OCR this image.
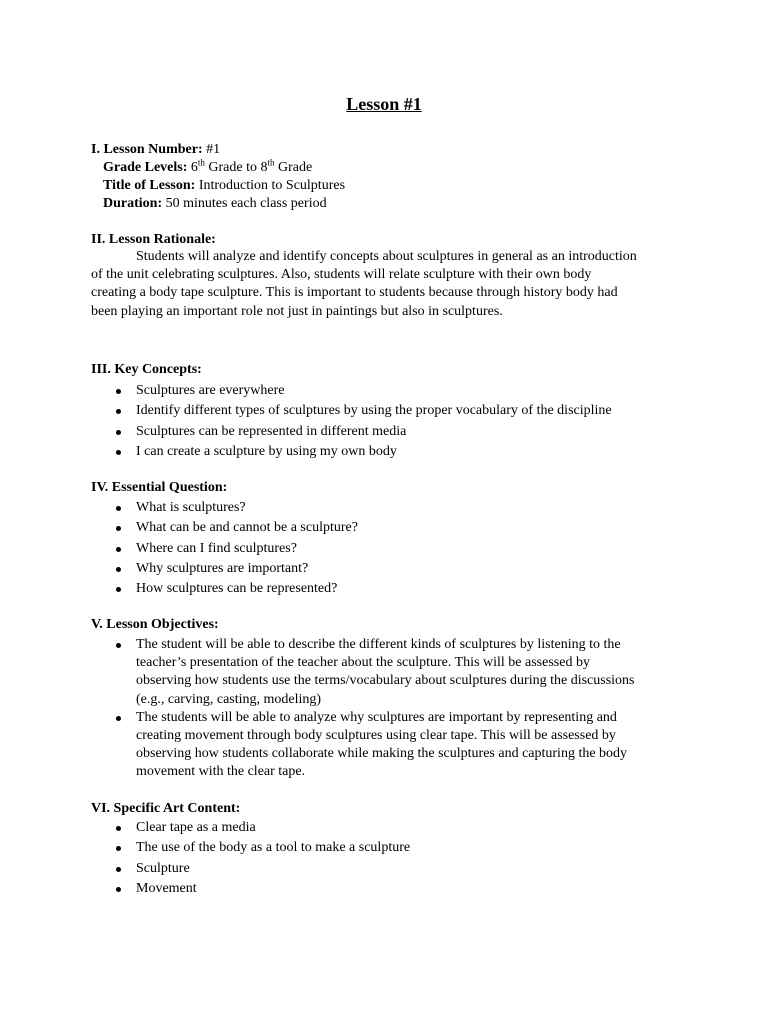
Lesson #1
I. Lesson Number: #1
Grade Levels: 6th Grade to 8th Grade
Title of Lesson: Introduction to Sculptures
Duration: 50 minutes each class period
II. Lesson Rationale:
Students will analyze and identify concepts about sculptures in general as an introduction
of the unit celebrating sculptures. Also, students will relate sculpture with their own body
creating a body tape sculpture. This is important to students because through history body had
been playing an important role not just in paintings but also in sculptures.
III. Key Concepts:
Sculptures are everywhere
Identify different types of sculptures by using the proper vocabulary of the discipline
Sculptures can be represented in different media
I can create a sculpture by using my own body
IV. Essential Question:
What is sculptures?
What can be and cannot be a sculpture?
Where can I find sculptures?
Why sculptures are important?
How sculptures can be represented?
V. Lesson Objectives:
The student will be able to describe the different kinds of sculptures by listening to the
teacher’s presentation of the teacher about the sculpture. This will be assessed by
observing how students use the terms/vocabulary about sculptures during the discussions
(e.g., carving, casting, modeling)
The students will be able to analyze why sculptures are important by representing and
creating movement through body sculptures using clear tape. This will be assessed by
observing how students collaborate while making the sculptures and capturing the body
movement with the clear tape.
VI. Specific Art Content:
Clear tape as a media
The use of the body as a tool to make a sculpture
Sculpture
Movement
